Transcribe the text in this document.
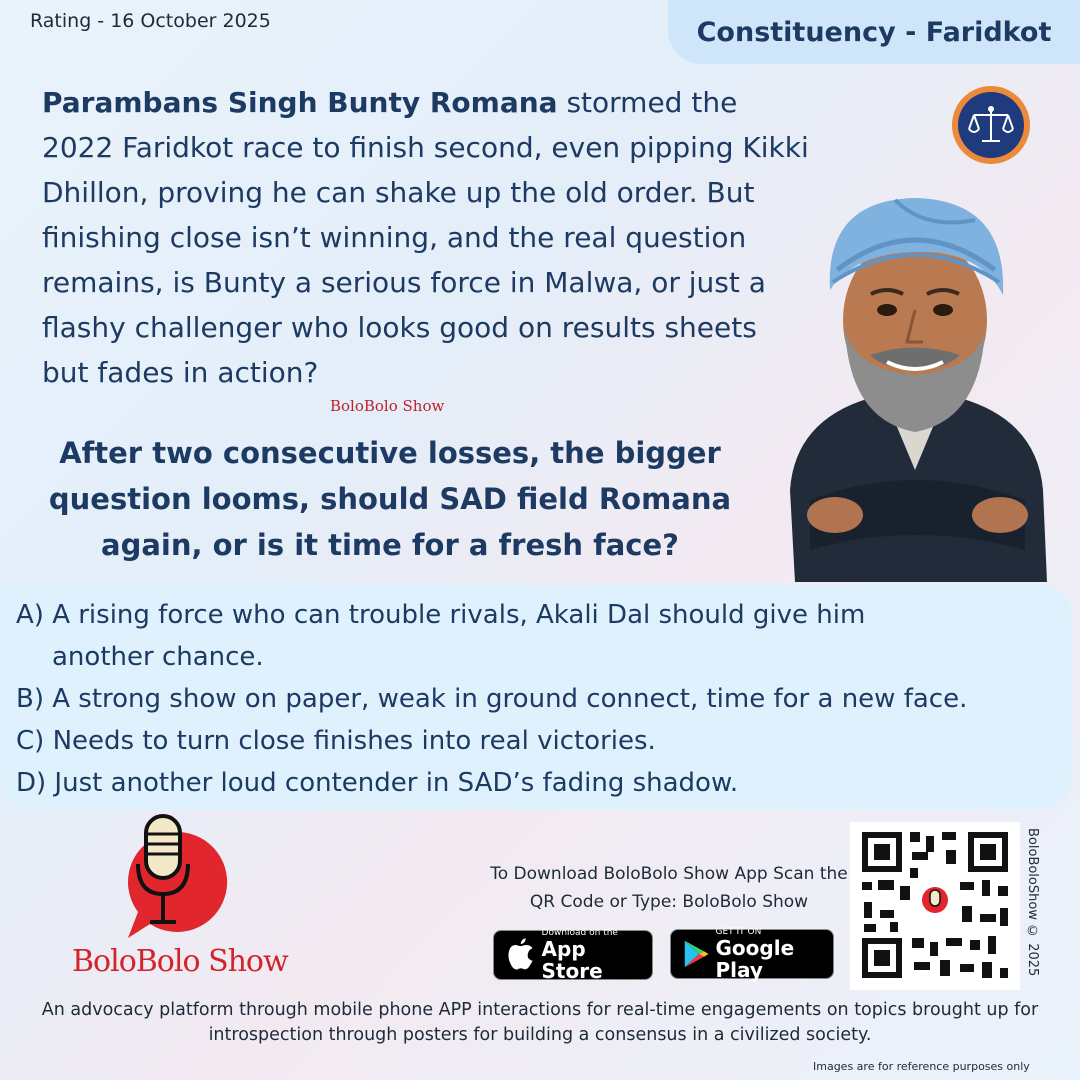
Rating - 16 October 2025	Constituency - Faridkot
Parambans Singh Bunty Romana stormed the 2022 Faridkot race to finish second, even pipping Kikki Dhillon, proving he can shake up the old order. But finishing close isn’t winning, and the real question remains, is Bunty a serious force in Malwa, or just a flashy challenger who looks good on results sheets but fades in action?
BoloBolo Show
After two consecutive losses, the bigger question looms, should SAD field Romana again, or is it time for a fresh face?
A) A rising force who can trouble rivals, Akali Dal should give him
another chance.
B) A strong show on paper, weak in ground connect, time for a new face.
C) Needs to turn close finishes into real victories.
D) Just another loud contender in SAD’s fading shadow.
BoloBolo Show
To Download BoloBolo Show App Scan the QR Code or Type: BoloBolo Show
Download on the
App Store
GET IT ON
Google Play	BoloBoloShow © 2025
An advocacy platform through mobile phone APP interactions for real-time engagements on topics brought up for introspection through posters for building a consensus in a civilized society.
Images are for reference purposes only
